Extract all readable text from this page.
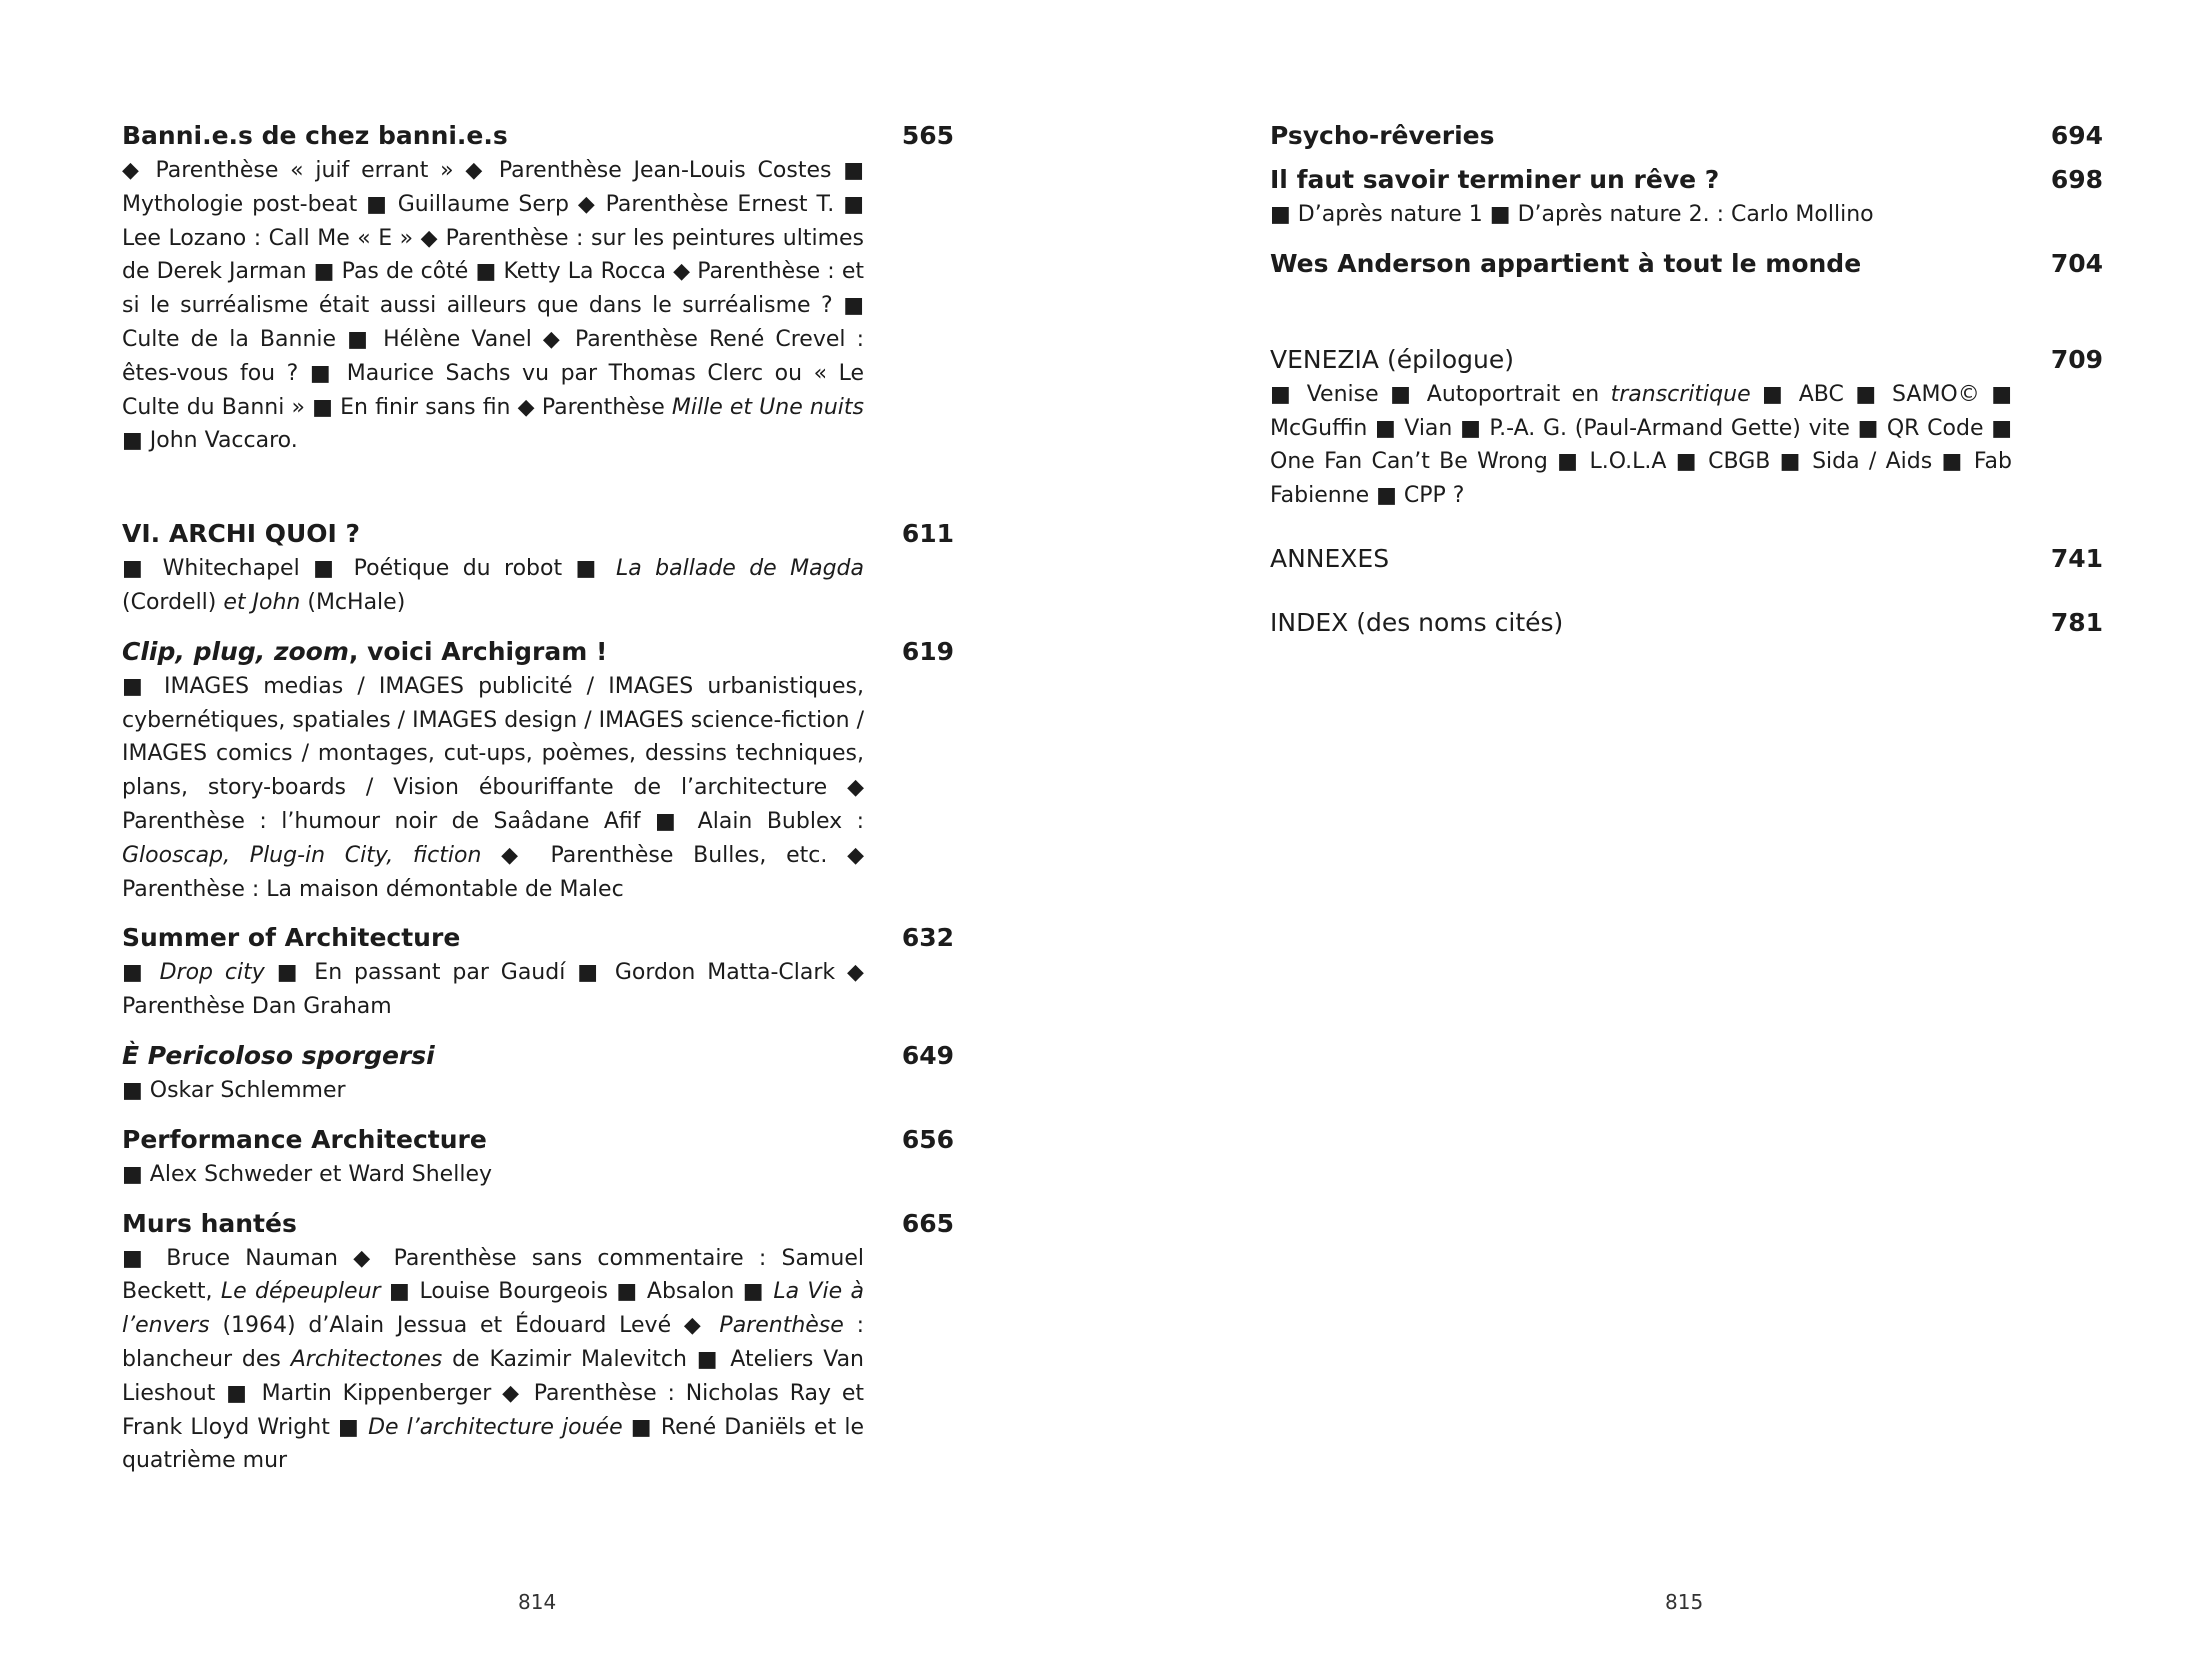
Banni.e.s de chez banni.e.s	565
◆ Parenthèse « juif errant » ◆ Parenthèse Jean-Louis Costes ■ Mythologie post-beat ■ Guillaume Serp ◆ Parenthèse Ernest T. ■ Lee Lozano : Call Me « E » ◆ Parenthèse : sur les peintures ultimes de Derek Jarman ■ Pas de côté ■ Ketty La Rocca ◆ Parenthèse : et si le surréalisme était aussi ailleurs que dans le surréalisme ? ■ Culte de la Bannie ■ Hélène Vanel ◆ Parenthèse René Crevel : êtes-vous fou ? ■ Maurice Sachs vu par Thomas Clerc ou « Le Culte du Banni » ■ En finir sans fin ◆ Parenthèse Mille et Une nuits ■ John Vaccaro.
VI. ARCHI QUOI ?	611
■ Whitechapel ■ Poétique du robot ■ La ballade de Magda (Cordell) et John (McHale)
Clip, plug, zoom, voici Archigram !	619
■ IMAGES medias / IMAGES publicité / IMAGES urbanistiques, cybernétiques, spatiales / IMAGES design / IMAGES science-fiction / IMAGES comics / montages, cut-ups, poèmes, dessins techniques, plans, story-boards / Vision ébouriffante de l’architecture ◆ Parenthèse : l’humour noir de Saâdane Afif ■ Alain Bublex : Glooscap, Plug-in City, fiction ◆ Parenthèse Bulles, etc. ◆ Parenthèse : La maison démontable de Malec
Summer of Architecture	632
■ Drop city ■ En passant par Gaudí ■ Gordon Matta-Clark ◆ Parenthèse Dan Graham
È Pericoloso sporgersi	649
■ Oskar Schlemmer
Performance Architecture	656
■ Alex Schweder et Ward Shelley
Murs hantés	665
■ Bruce Nauman ◆ Parenthèse sans commentaire : Samuel Beckett, Le dépeupleur ■ Louise Bourgeois ■ Absalon ■ La Vie à l’envers (1964) d’Alain Jessua et Édouard Levé ◆ Parenthèse : blancheur des Architectones de Kazimir Malevitch ■ Ateliers Van Lieshout ■ Martin Kippenberger ◆ Parenthèse : Nicholas Ray et Frank Lloyd Wright ■ De l’architecture jouée ■ René Daniëls et le quatrième mur
814
Psycho-rêveries	694
Il faut savoir terminer un rêve ?	698
■ D’après nature 1 ■ D’après nature 2. : Carlo Mollino
Wes Anderson appartient à tout le monde	704
VENEZIA (épilogue)	709
■ Venise ■ Autoportrait en transcritique ■ ABC ■ SAMO© ■ McGuffin ■ Vian ■ P.-A. G. (Paul-Armand Gette) vite ■ QR Code ■ One Fan Can’t Be Wrong ■ L.O.L.A ■ CBGB ■ Sida / Aids ■ Fab Fabienne ■ CPP ?
ANNEXES	741
INDEX (des noms cités)	781
815
